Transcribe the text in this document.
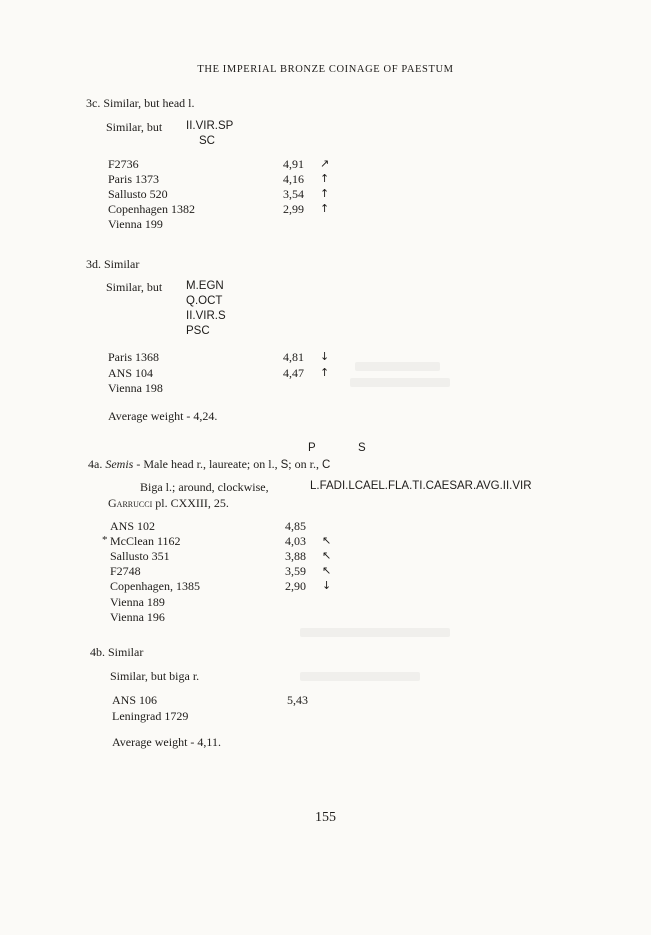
THE IMPERIAL BRONZE COINAGE OF PAESTUM
3c. Similar, but head l.
Similar, but II.VIR.SP
SC
F2736	4,91 ↗
Paris 1373	4,16 ↑
Sallusto 520	3,54 ↑
Copenhagen 1382	2,99 ↑
Vienna 199
3d. Similar
Similar, but M.EGN
Q.OCT
II.VIR.S
PSC
Paris 1368	4,81 ↓
ANS 104	4,47 ↑
Vienna 198
Average weight - 4,24.
P	S
4a. Semis - Male head r., laureate; on l., S; on r., C
Biga l.; around, clockwise,	L.FADI.LCAEL.FLA.TI.CAESAR.AVG.II.VIR
Garrucci pl. CXXIII, 25.
ANS 102	4,85
* McClean 1162	4,03 ↖
Sallusto 351	3,88 ↖
F2748	3,59 ↖
Copenhagen, 1385	2,90 ↓
Vienna 189
Vienna 196
4b. Similar
Similar, but biga r.
ANS 106	5,43
Leningrad 1729
Average weight - 4,11.
155
